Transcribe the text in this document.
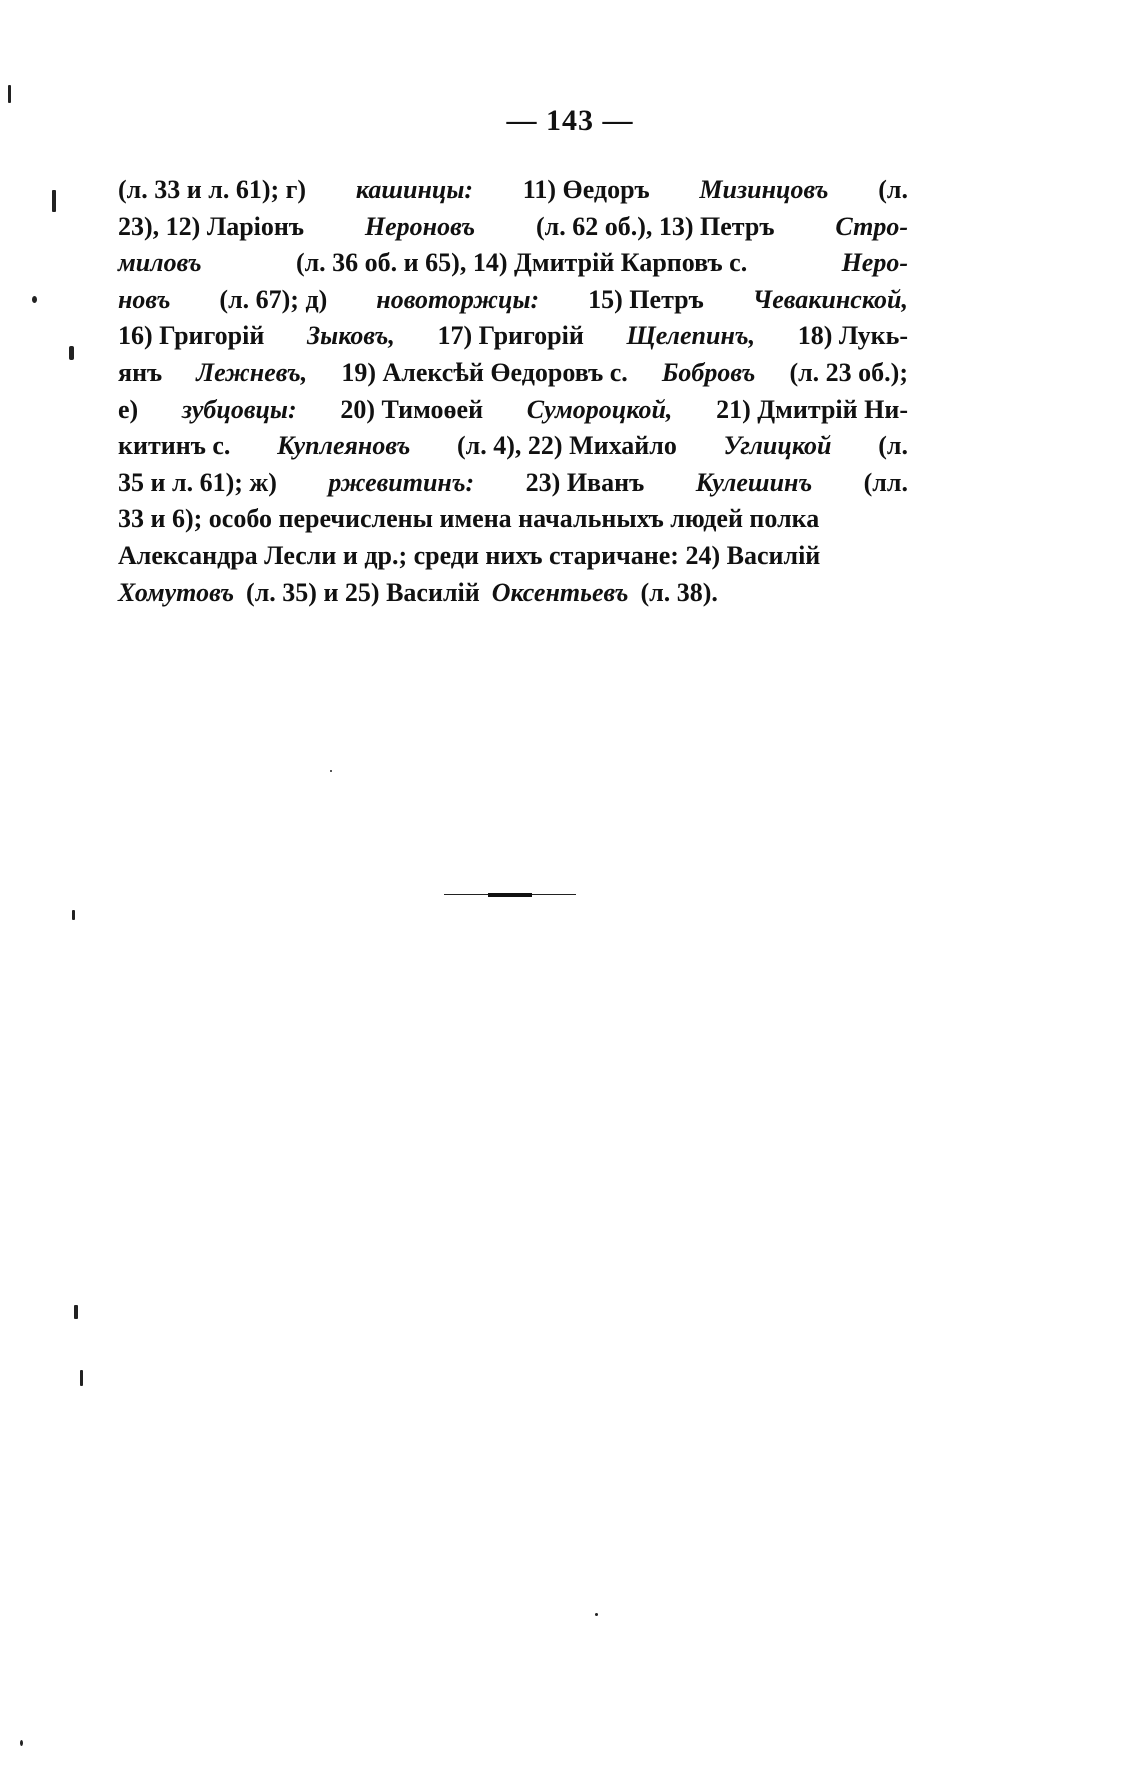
— 143 —
(л. 33 и л. 61); г) кашинцы: 11) Өедоръ Мизинцовъ (л.
23), 12) Ларіонъ Нероновъ (л. 62 об.), 13) Петръ Стро-
миловъ	(л. 36 об. и 65), 14) Дмитрій Карповъ с.	Неро-
новъ (л. 67); д) новоторжцы: 15) Петръ Чевакинской,
16) Григорій Зыковъ, 17) Григорій Щелепинъ, 18) Лукь-
янъ Лежневъ, 19) Алексѣй Өедоровъ с. Бобровъ (л. 23 об.);
е) зубцовцы: 20) Тимоөей Сумороцкой, 21) Дмитрій Ни-
китинъ с. Куплеяновъ (л. 4), 22) Михайло Углицкой (л.
35 и л. 61); ж) ржевитинъ: 23) Иванъ Кулешинъ (лл.
33 и 6); особо перечислены имена начальныхъ людей полка
Александра Лесли и др.; среди нихъ старичане: 24) Василій
Хомутовъ (л. 35) и 25) Василій Оксентьевъ (л. 38).
